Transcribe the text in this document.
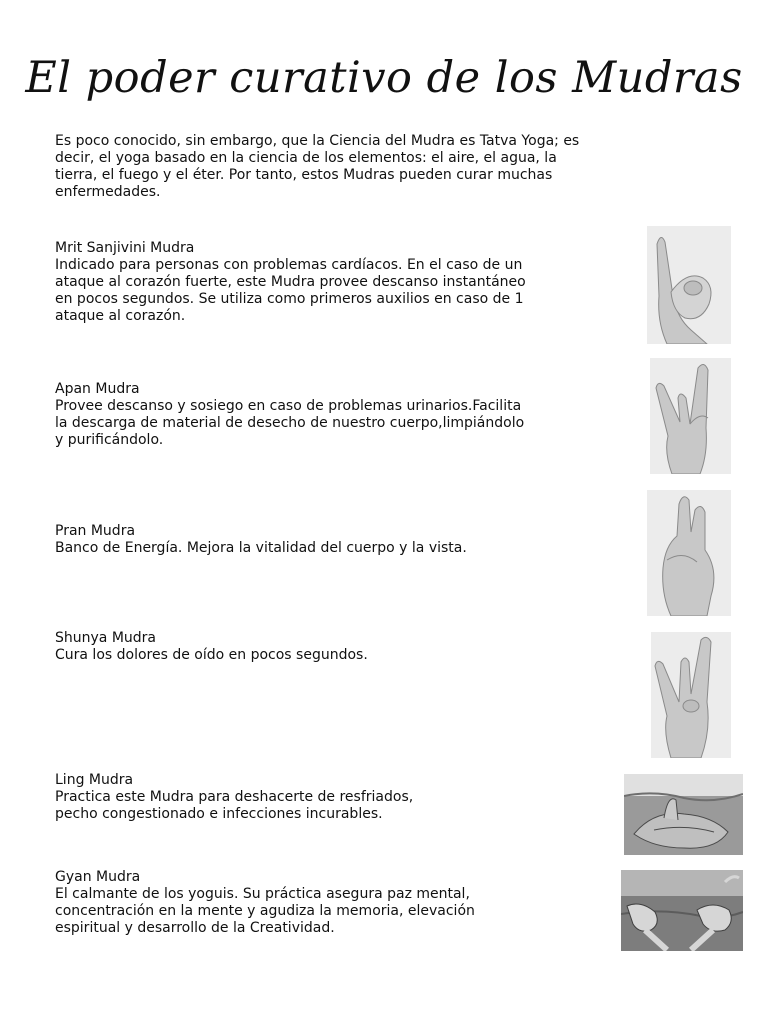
El poder curativo de los Mudras

Es poco conocido, sin embargo, que la Ciencia del Mudra es Tatva Yoga; es
decir, el yoga basado en la ciencia de los elementos: el aire, el agua, la
tierra, el fuego y el éter. Por tanto, estos Mudras pueden curar muchas
enfermedades.

Mrit Sanjivini Mudra
Indicado para personas con problemas cardíacos. En el caso de un
ataque al corazón fuerte, este Mudra provee descanso instantáneo
en pocos segundos. Se utiliza como primeros auxilios en caso de 1
ataque al corazón.
Apan Mudra
Provee descanso y sosiego en caso de problemas urinarios.Facilita
la descarga de material de desecho de nuestro cuerpo,limpiándolo
y purificándolo.
Pran Mudra
Banco de Energía. Mejora la vitalidad del cuerpo y la vista.
Shunya Mudra
Cura los dolores de oído en pocos segundos.
Ling Mudra
Practica este Mudra para deshacerte de resfriados,
pecho congestionado e infecciones incurables.
Gyan Mudra
El calmante de los yoguis. Su práctica asegura paz mental,
concentración en la mente y agudiza la memoria, elevación
espiritual y desarrollo de la Creatividad.
